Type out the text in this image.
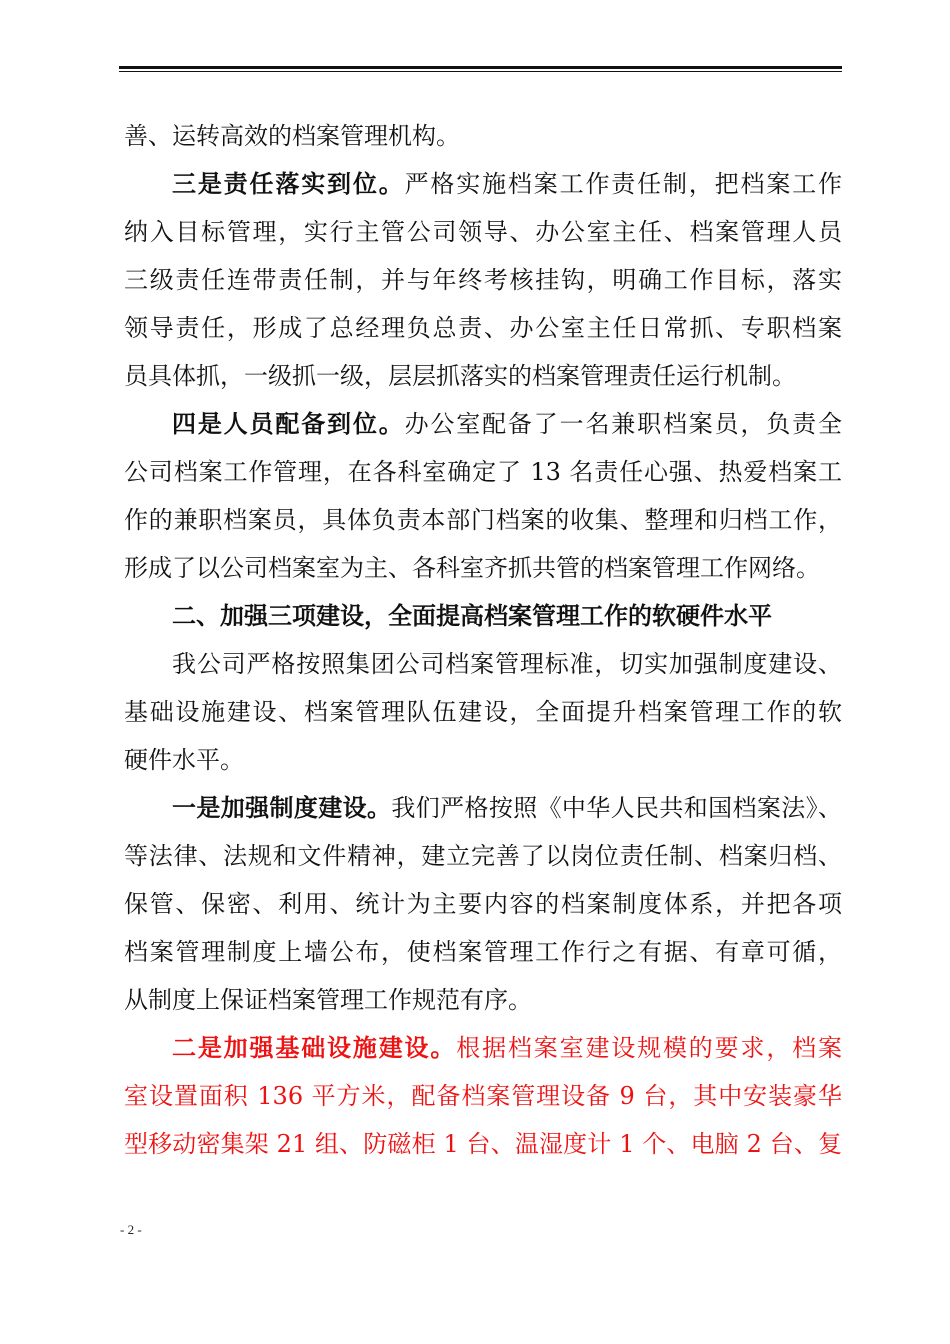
善、运转高效的档案管理机构。
三是责任落实到位。严格实施档案工作责任制，把档案工作
纳入目标管理，实行主管公司领导、办公室主任、档案管理人员
三级责任连带责任制，并与年终考核挂钩，明确工作目标，落实
领导责任，形成了总经理负总责、办公室主任日常抓、专职档案
员具体抓，一级抓一级，层层抓落实的档案管理责任运行机制。
四是人员配备到位。办公室配备了一名兼职档案员，负责全
公司档案工作管理，在各科室确定了 13 名责任心强、热爱档案工
作的兼职档案员，具体负责本部门档案的收集、整理和归档工作，
形成了以公司档案室为主、各科室齐抓共管的档案管理工作网络。
二、加强三项建设，全面提高档案管理工作的软硬件水平
我公司严格按照集团公司档案管理标准，切实加强制度建设、
基础设施建设、档案管理队伍建设，全面提升档案管理工作的软
硬件水平。
一是加强制度建设。我们严格按照《中华人民共和国档案法》、
等法律、法规和文件精神，建立完善了以岗位责任制、档案归档、
保管、保密、利用、统计为主要内容的档案制度体系，并把各项
档案管理制度上墙公布，使档案管理工作行之有据、有章可循，
从制度上保证档案管理工作规范有序。
二是加强基础设施建设。根据档案室建设规模的要求，档案
室设置面积 136 平方米，配备档案管理设备 9 台，其中安装豪华
型移动密集架 21 组、防磁柜 1 台、温湿度计 1 个、电脑 2 台、复
- 2 -
